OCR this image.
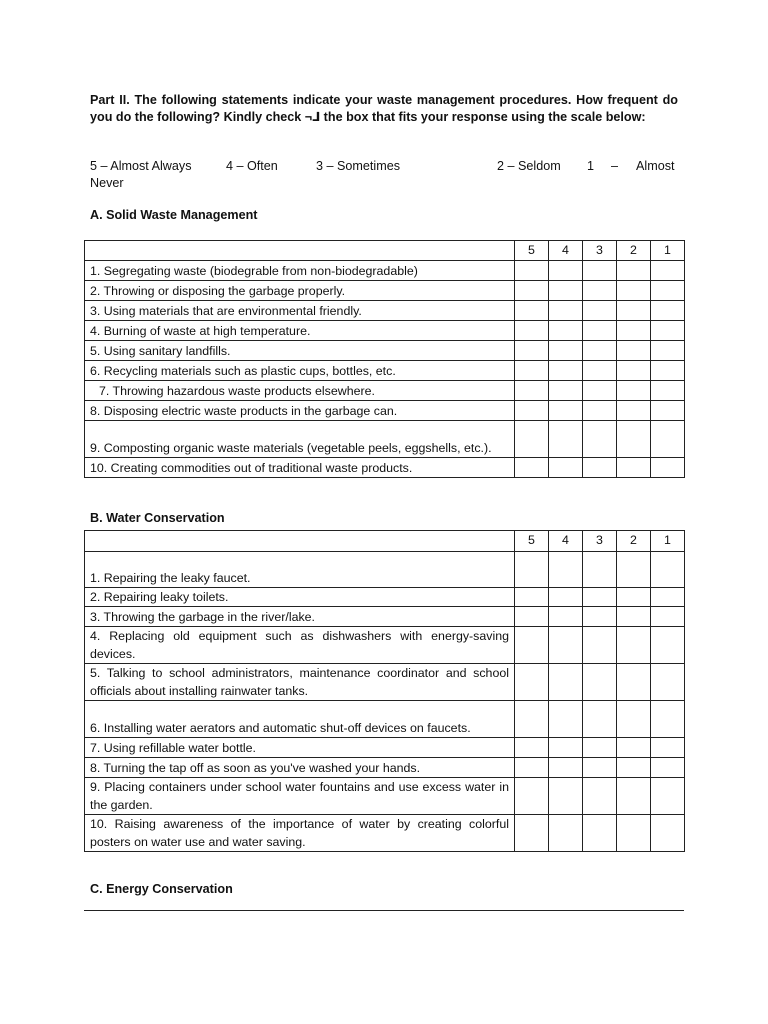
Part II. The following statements indicate your waste management procedures. How frequent do you do the following? Kindly check ¬⅃ the box that fits your response using the scale below:
5 – Almost Always	4 – Often	3 – Sometimes	2 – Seldom 1 – Almost
Never
A. Solid Waste Management
	5	4	3	2	1
1. Segregating waste (biodegrable from non-biodegradable)					
2. Throwing or disposing the garbage properly.					
3. Using materials that are environmental friendly.					
4. Burning of waste at high temperature.					
5. Using sanitary landfills.					
6. Recycling materials such as plastic cups, bottles, etc.					
7. Throwing hazardous waste products elsewhere.					
8. Disposing electric waste products in the garbage can.					
9. Composting organic waste materials (vegetable peels, eggshells, etc.).					
10. Creating commodities out of traditional waste products.					
B. Water Conservation
	5	4	3	2	1
1. Repairing the leaky faucet.					
2. Repairing leaky toilets.					
3. Throwing the garbage in the river/lake.					
4. Replacing old equipment such as dishwashers with energy-saving devices.					
5. Talking to school administrators, maintenance coordinator and school officials about installing rainwater tanks.					
6. Installing water aerators and automatic shut-off devices on faucets.					
7. Using refillable water bottle.					
8. Turning the tap off as soon as you've washed your hands.					
9. Placing containers under school water fountains and use excess water in the garden.					
10. Raising awareness of the importance of water by creating colorful posters on water use and water saving.					
C. Energy Conservation
